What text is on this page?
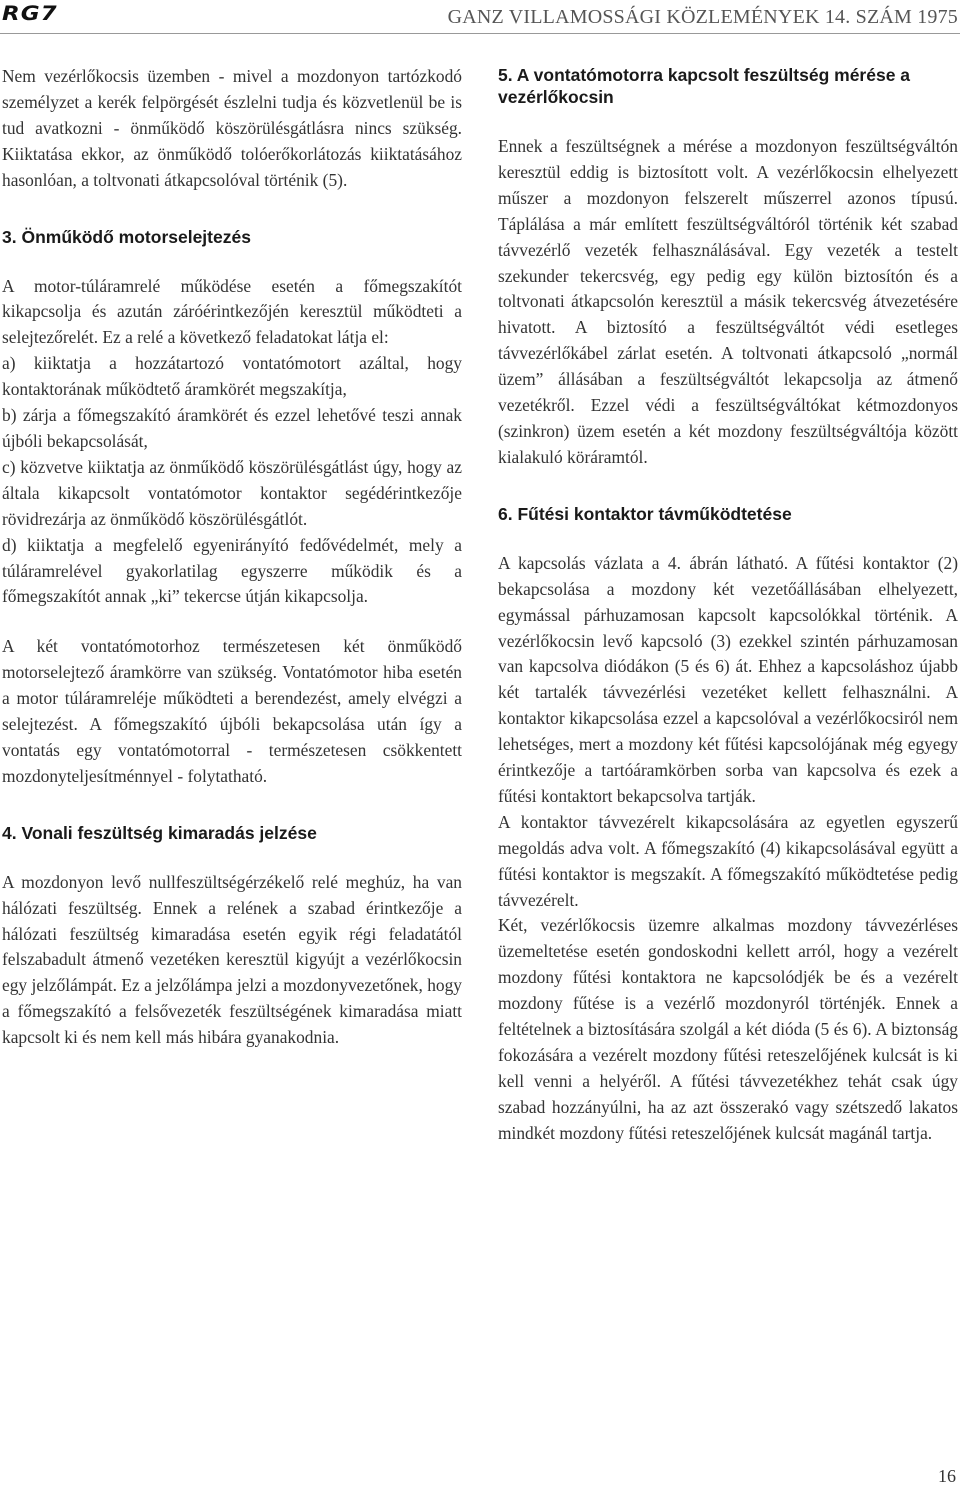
RG7	GANZ VILLAMOSSÁGI KÖZLEMÉNYEK 14. SZÁM 1975

Nem vezérlőkocsis üzemben - mivel a mozdonyon tartózkodó személyzet a kerék felpörgését észlelni tudja és közvetlenül be is tud avatkozni - önműködő köszörülésgátlásra nincs szükség. Kiiktatása ekkor, az önműködő tolóerőkorlátozás kiiktatásához hasonlóan, a toltvonati átkapcsolóval történik (5).

3. Önműködő motorselejtezés

A motor-túláramrelé működése esetén a főmegszakítót kikapcsolja és azután záróérintkezőjén keresztül működteti a selejtezőrelét. Ez a relé a következő feladatokat látja el:

a) kiiktatja a hozzátartozó vontatómotort azáltal, hogy kontaktorának működtető áramkörét megszakítja,

b) zárja a főmegszakító áramkörét és ezzel lehetővé teszi annak újbóli bekapcsolását,

c) közvetve kiiktatja az önműködő köszörülésgátlást úgy, hogy az általa kikapcsolt vontatómotor kontaktor segédérintkezője rövidrezárja az önműködő köszörülésgátlót.

d) kiiktatja a megfelelő egyenirányító fedővédelmét, mely a túláramrelével gyakorlatilag egyszerre működik és a főmegszakítót annak „ki” tekercse útján kikapcsolja.

A két vontatómotorhoz természetesen két önműködő motorselejtező áramkörre van szükség. Vontatómotor hiba esetén a motor túláramreléje működteti a berendezést, amely elvégzi a selejtezést. A főmegszakító újbóli bekapcsolása után így a vontatás egy vontatómotorral - természetesen csökkentett mozdonyteljesítménnyel - folytatható.

4. Vonali feszültség kimaradás jelzése

A mozdonyon levő nullfeszültségérzékelő relé meghúz, ha van hálózati feszültség. Ennek a relének a szabad érintkezője a hálózati feszültség kimaradása esetén egyik régi feladatától felszabadult átmenő vezetéken keresztül kigyújt a vezérlőkocsin egy jelzőlámpát. Ez a jelzőlámpa jelzi a mozdonyvezetőnek, hogy a főmegszakító a felsővezeték feszültségének kimaradása miatt kapcsolt ki és nem kell más hibára gyanakodnia.

5. A vontatómotorra kapcsolt feszültség mérése a vezérlőkocsin

Ennek a feszültségnek a mérése a mozdonyon feszültségváltón keresztül eddig is biztosított volt. A vezérlőkocsin elhelyezett műszer a mozdonyon felszerelt műszerrel azonos típusú. Táplálása a már említett feszültségváltóról történik két szabad távvezérlő vezeték felhasználásával. Egy vezeték a testelt szekunder tekercsvég, egy pedig egy külön biztosítón és a toltvonati átkapcsolón keresztül a másik tekercsvég átvezetésére hivatott. A biztosító a feszültségváltót védi esetleges távvezérlőkábel zárlat esetén. A toltvonati átkapcsoló „normál üzem” állásában a feszültségváltót lekapcsolja az átmenő vezetékről. Ezzel védi a feszültségváltókat kétmozdonyos (szinkron) üzem esetén a két mozdony feszültségváltója között kialakuló köráramtól.

6. Fűtési kontaktor távműködtetése

A kapcsolás vázlata a 4. ábrán látható. A fűtési kontaktor (2) bekapcsolása a mozdony két vezetőállásában elhelyezett, egymással párhuzamosan kapcsolt kapcsolókkal történik. A vezérlőkocsin levő kapcsoló (3) ezekkel szintén párhuzamosan van kapcsolva diódákon (5 és 6) át. Ehhez a kapcsoláshoz újabb két tartalék távvezérlési vezetéket kellett felhasználni. A kontaktor kikapcsolása ezzel a kapcsolóval a vezérlőkocsiról nem lehetséges, mert a mozdony két fűtési kapcsolójának még egyegy érintkezője a tartóáramkörben sorba van kapcsolva és ezek a fűtési kontaktort bekapcsolva tartják.

A kontaktor távvezérelt kikapcsolására az egyetlen egyszerű megoldás adva volt. A főmegszakító (4) kikapcsolásával együtt a fűtési kontaktor is megszakít. A főmegszakító működtetése pedig távvezérelt.

Két, vezérlőkocsis üzemre alkalmas mozdony távvezérléses üzemeltetése esetén gondoskodni kellett arról, hogy a vezérelt mozdony fűtési kontaktora ne kapcsolódjék be és a vezérelt mozdony fűtése is a vezérlő mozdonyról történjék. Ennek a feltételnek a biztosítására szolgál a két dióda (5 és 6). A biztonság fokozására a vezérelt mozdony fűtési reteszelőjének kulcsát is ki kell venni a helyéről. A fűtési távvezetékhez tehát csak úgy szabad hozzányúlni, ha az azt összerakó vagy szétszedő lakatos mindkét mozdony fűtési reteszelőjének kulcsát magánál tartja.

16
